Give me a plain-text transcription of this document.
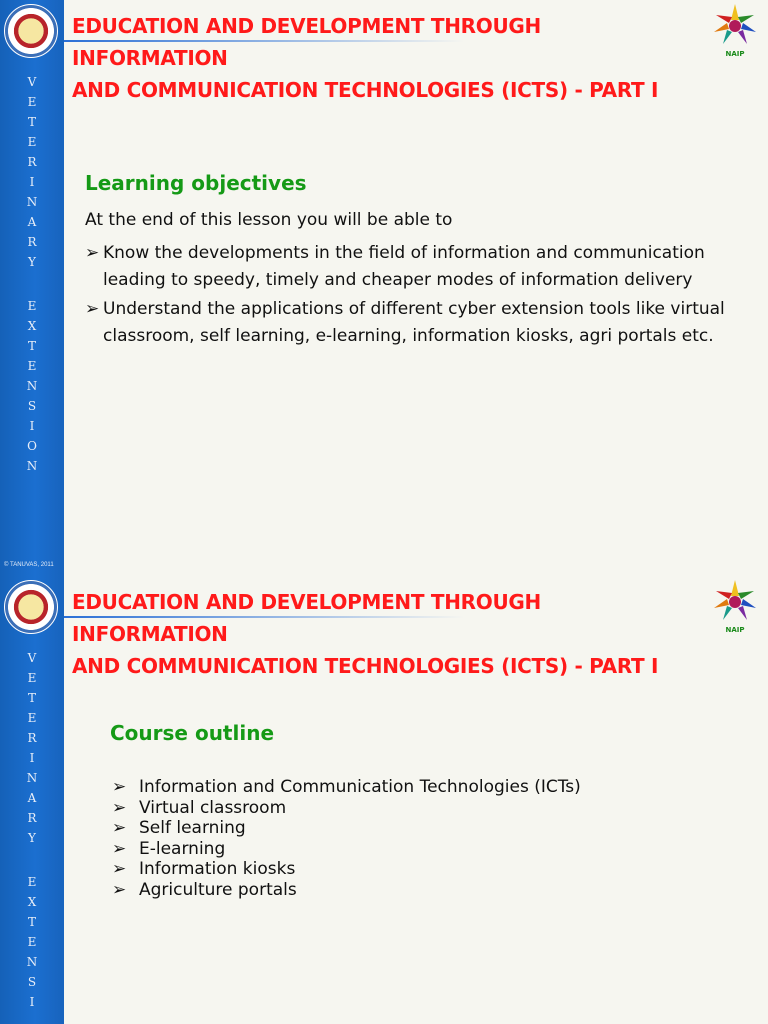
V
E
T
E
R
I
N
A
R
Y
E
X
T
E
N
S
I
O
N
© TANUVAS, 2011
EDUCATION AND DEVELOPMENT THROUGH INFORMATION
AND COMMUNICATION TECHNOLOGIES (ICTS) - PART I
NAIP
Learning objectives
At the end of this lesson you will be able to
➢ Know the developments in the field of information and communication leading to speedy, timely and cheaper modes of information delivery
➢ Understand the applications of different cyber extension tools like virtual classroom, self learning, e-learning, information kiosks, agri portals etc.
V
E
T
E
R
I
N
A
R
Y
E
X
T
E
N
S
I
EDUCATION AND DEVELOPMENT THROUGH INFORMATION
AND COMMUNICATION TECHNOLOGIES (ICTS) - PART I
NAIP
Course outline
➢ Information and Communication Technologies (ICTs)
➢ Virtual classroom
➢ Self learning
➢ E-learning
➢ Information kiosks
➢ Agriculture portals
